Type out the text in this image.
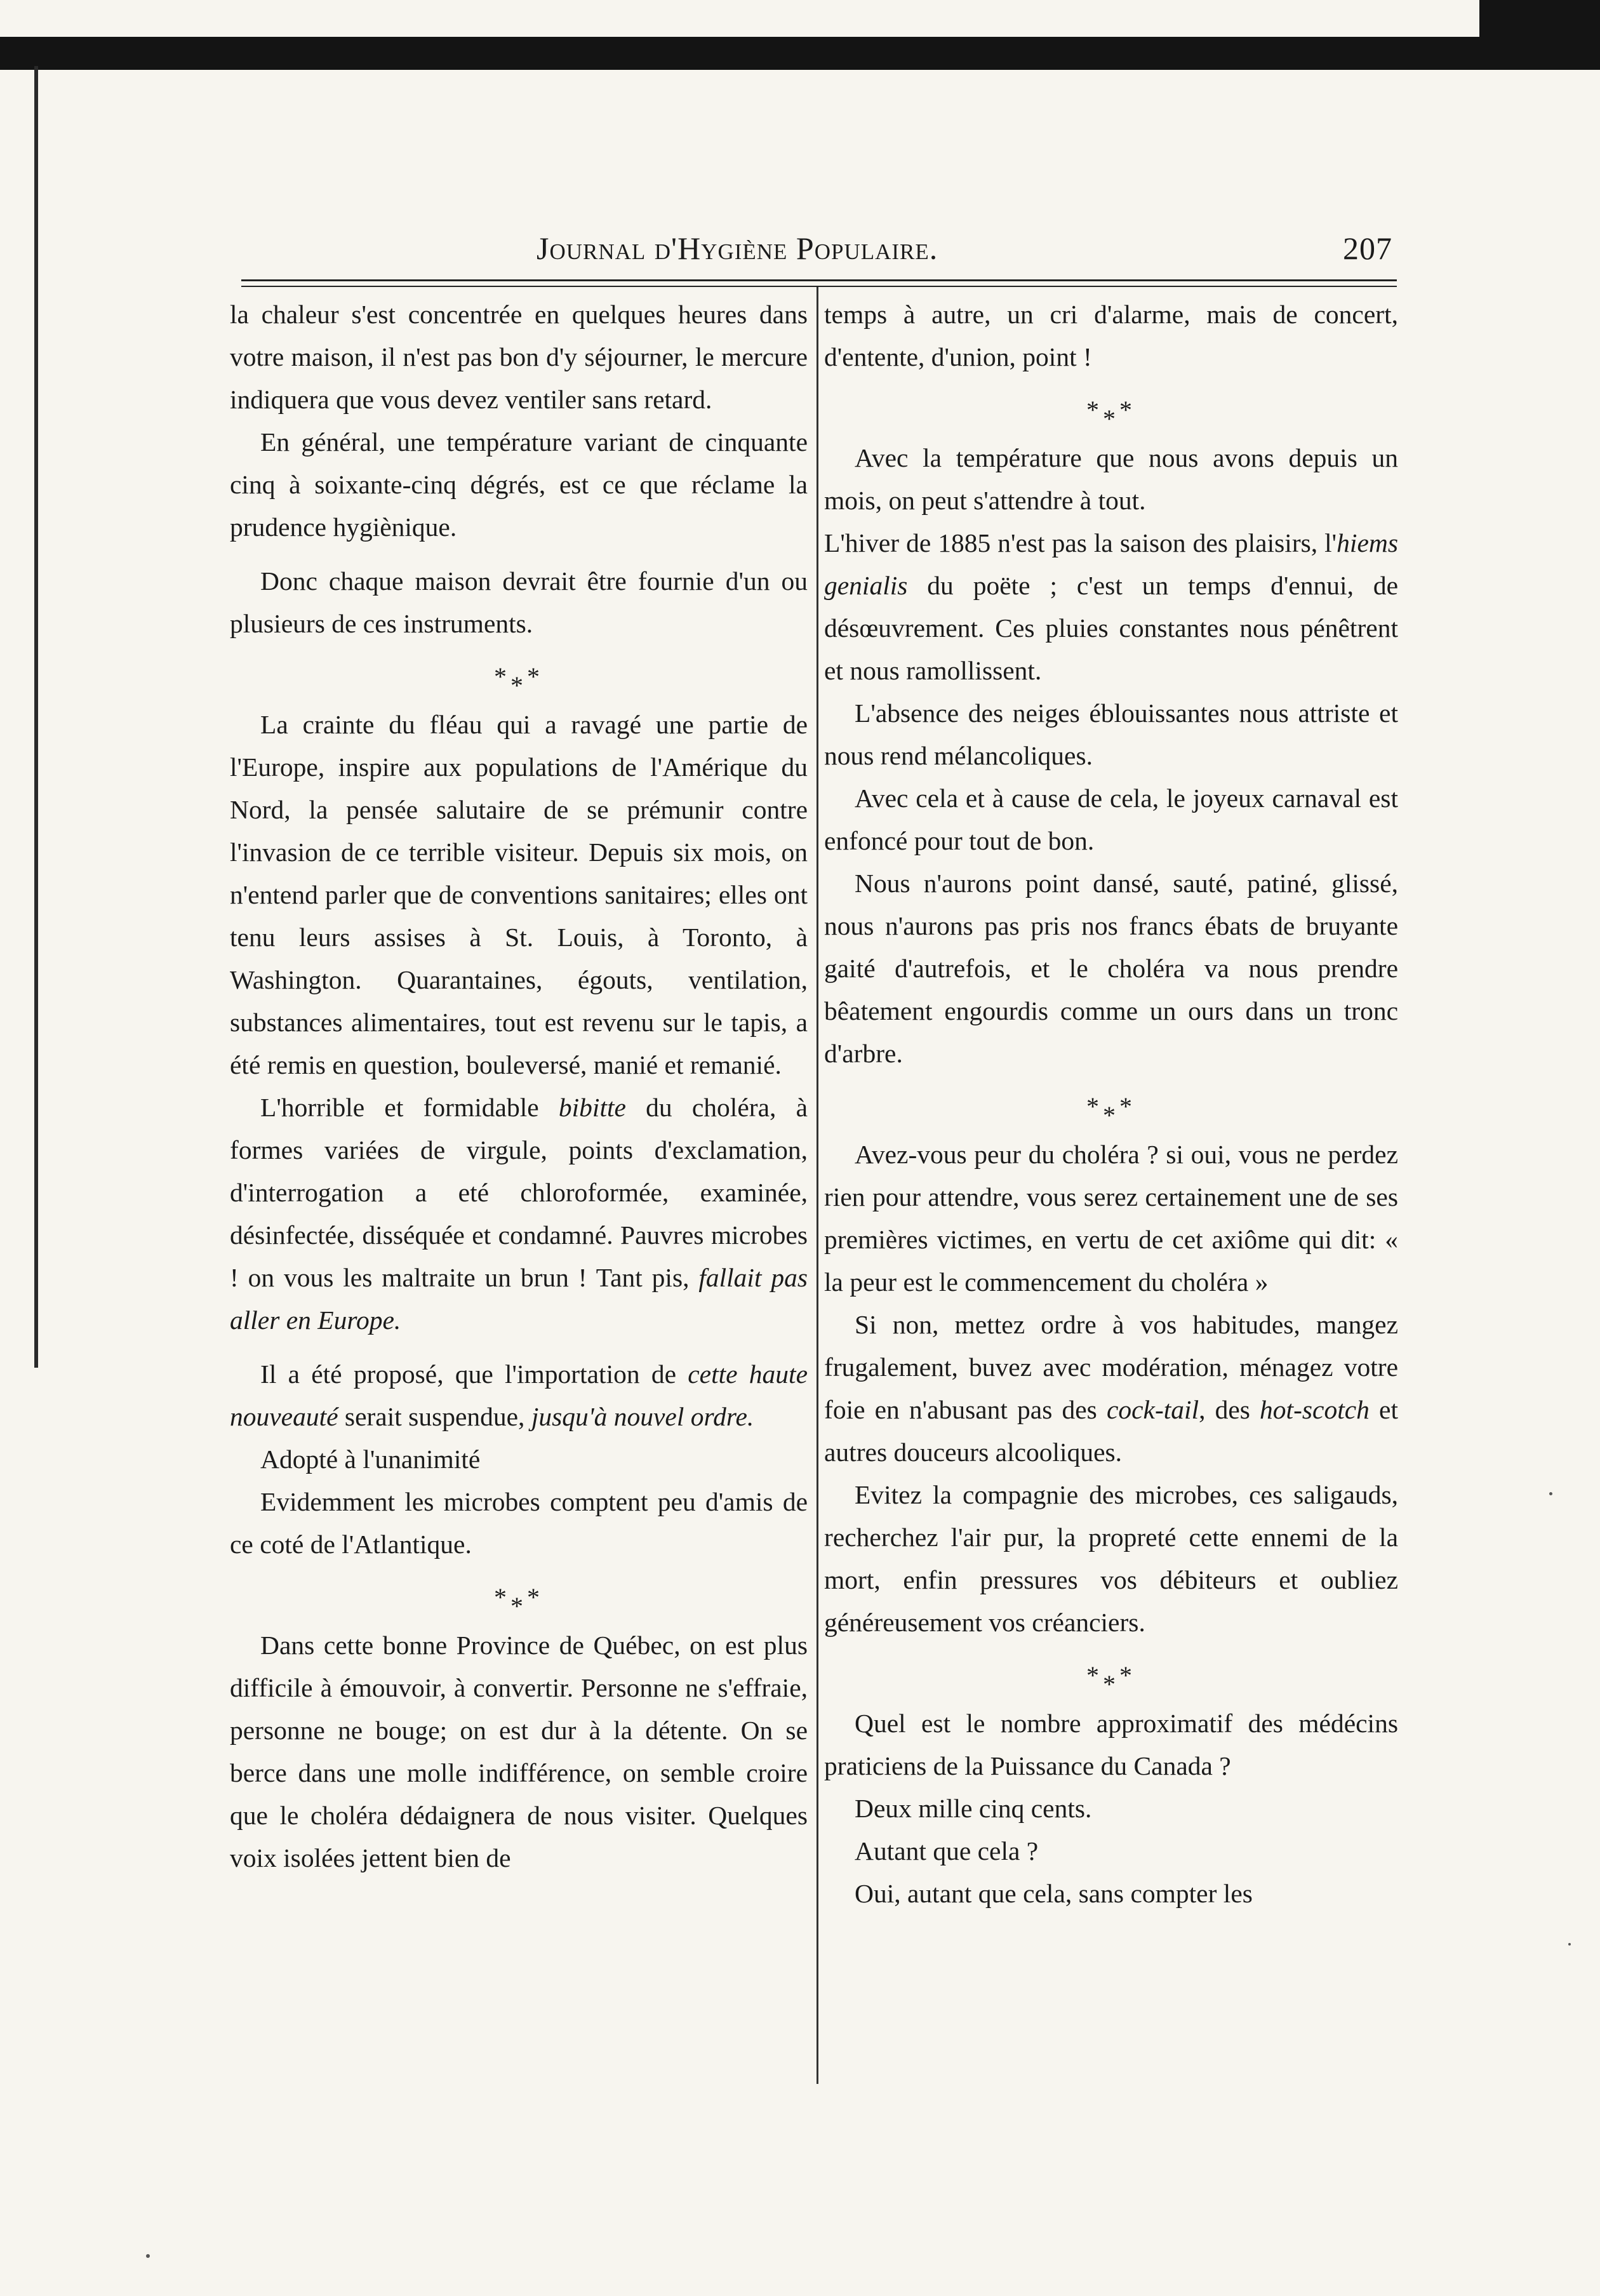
Journal d'Hygiène Populaire.	207

la chaleur s'est concentrée en quelques heures dans votre maison, il n'est pas bon d'y séjourner, le mercure indiquera que vous devez ventiler sans retard.

En général, une température variant de cinquante cinq à soixante-cinq dégrés, est ce que réclame la prudence hygiènique.

Donc chaque maison devrait être fournie d'un ou plusieurs de ces instruments.

***

La crainte du fléau qui a ravagé une partie de l'Europe, inspire aux populations de l'Amérique du Nord, la pensée salutaire de se prémunir contre l'invasion de ce terrible visiteur. Depuis six mois, on n'entend parler que de conventions sanitaires; elles ont tenu leurs assises à St. Louis, à Toronto, à Washington. Quarantaines, égouts, ventilation, substances alimentaires, tout est revenu sur le tapis, a été remis en question, bouleversé, manié et remanié.

L'horrible et formidable bibitte du choléra, à formes variées de virgule, points d'exclamation, d'interrogation a eté chloroformée, examinée, désinfectée, disséquée et condamné. Pauvres microbes ! on vous les maltraite un brun ! Tant pis, fallait pas aller en Europe.

Il a été proposé, que l'importation de cette haute nouveauté serait suspendue, jusqu'à nouvel ordre.

Adopté à l'unanimité

Evidemment les microbes comptent peu d'amis de ce coté de l'Atlantique.

***

Dans cette bonne Province de Québec, on est plus difficile à émouvoir, à convertir. Personne ne s'effraie, personne ne bouge; on est dur à la détente. On se berce dans une molle indifférence, on semble croire que le choléra dédaignera de nous visiter. Quelques voix isolées jettent bien de

temps à autre, un cri d'alarme, mais de concert, d'entente, d'union, point !

***

Avec la température que nous avons depuis un mois, on peut s'attendre à tout.

L'hiver de 1885 n'est pas la saison des plaisirs, l'hiems genialis du poëte ; c'est un temps d'ennui, de désœuvrement. Ces pluies constantes nous pénêtrent et nous ramollissent.

L'absence des neiges éblouissantes nous attriste et nous rend mélancoliques.

Avec cela et à cause de cela, le joyeux carnaval est enfoncé pour tout de bon.

Nous n'aurons point dansé, sauté, patiné, glissé, nous n'aurons pas pris nos francs ébats de bruyante gaité d'autrefois, et le choléra va nous prendre bêatement engourdis comme un ours dans un tronc d'arbre.

***

Avez-vous peur du choléra ? si oui, vous ne perdez rien pour attendre, vous serez certainement une de ses premières victimes, en vertu de cet axiôme qui dit: « la peur est le commencement du choléra »

Si non, mettez ordre à vos habitudes, mangez frugalement, buvez avec modération, ménagez votre foie en n'abusant pas des cock-tail, des hot-scotch et autres douceurs alcooliques.

Evitez la compagnie des microbes, ces saligauds, recherchez l'air pur, la propreté cette ennemi de la mort, enfin pressures vos débiteurs et oubliez généreusement vos créanciers.

***

Quel est le nombre approximatif des médécins praticiens de la Puissance du Canada ?

Deux mille cinq cents.

Autant que cela ?

Oui, autant que cela, sans compter les
